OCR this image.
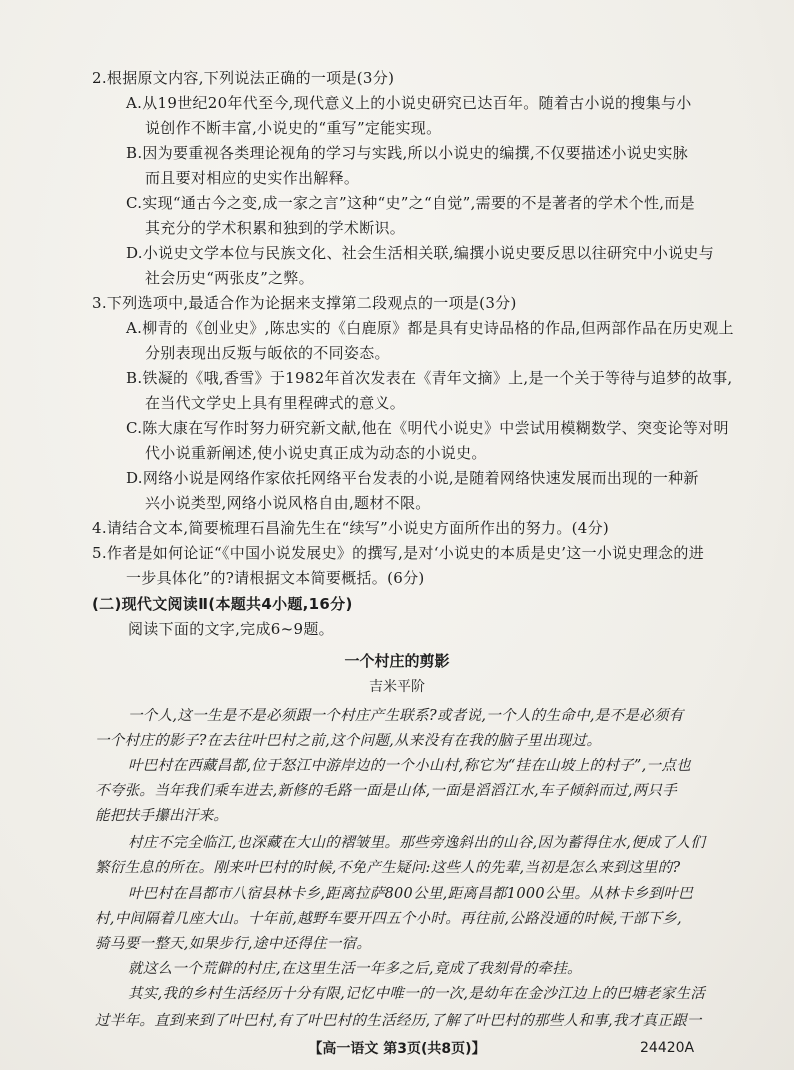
2.根据原文内容,下列说法正确的一项是(3分)
A.从19世纪20年代至今,现代意义上的小说史研究已达百年。随着古小说的搜集与小
说创作不断丰富,小说史的“重写”定能实现。
B.因为要重视各类理论视角的学习与实践,所以小说史的编撰,不仅要描述小说史实脉
而且要对相应的史实作出解释。
C.实现“通古今之变,成一家之言”这种“史”之“自觉”,需要的不是著者的学术个性,而是
其充分的学术积累和独到的学术断识。
D.小说史文学本位与民族文化、社会生活相关联,编撰小说史要反思以往研究中小说史与
社会历史“两张皮”之弊。
3.下列选项中,最适合作为论据来支撑第二段观点的一项是(3分)
A.柳青的《创业史》,陈忠实的《白鹿原》都是具有史诗品格的作品,但两部作品在历史观上
分别表现出反叛与皈依的不同姿态。
B.铁凝的《哦,香雪》于1982年首次发表在《青年文摘》上,是一个关于等待与追梦的故事,
在当代文学史上具有里程碑式的意义。
C.陈大康在写作时努力研究新文献,他在《明代小说史》中尝试用模糊数学、突变论等对明
代小说重新阐述,使小说史真正成为动态的小说史。
D.网络小说是网络作家依托网络平台发表的小说,是随着网络快速发展而出现的一种新
兴小说类型,网络小说风格自由,题材不限。
4.请结合文本,简要梳理石昌渝先生在“续写”小说史方面所作出的努力。(4分)
5.作者是如何论证“《中国小说发展史》的撰写,是对‘小说史的本质是史’这一小说史理念的进
一步具体化”的?请根据文本简要概括。(6分)
(二)现代文阅读Ⅱ(本题共4小题,16分)
阅读下面的文字,完成6~9题。
一个村庄的剪影
吉米平阶
一个人,这一生是不是必须跟一个村庄产生联系?或者说,一个人的生命中,是不是必须有
一个村庄的影子?在去往叶巴村之前,这个问题,从来没有在我的脑子里出现过。
叶巴村在西藏昌都,位于怒江中游岸边的一个小山村,称它为“挂在山坡上的村子”,一点也
不夸张。当年我们乘车进去,新修的毛路一面是山体,一面是滔滔江水,车子倾斜而过,两只手
能把扶手攥出汗来。
村庄不完全临江,也深藏在大山的褶皱里。那些旁逸斜出的山谷,因为蓄得住水,便成了人们
繁衍生息的所在。刚来叶巴村的时候,不免产生疑问:这些人的先辈,当初是怎么来到这里的?
叶巴村在昌都市八宿县林卡乡,距离拉萨800公里,距离昌都1000公里。从林卡乡到叶巴
村,中间隔着几座大山。十年前,越野车要开四五个小时。再往前,公路没通的时候,干部下乡,
骑马要一整天,如果步行,途中还得住一宿。
就这么一个荒僻的村庄,在这里生活一年多之后,竟成了我刻骨的牵挂。
其实,我的乡村生活经历十分有限,记忆中唯一的一次,是幼年在金沙江边上的巴塘老家生活
【高一语文 第3页(共8页)】	24420A
过半年。直到来到了叶巴村,有了叶巴村的生活经历,了解了叶巴村的那些人和事,我才真正跟一
